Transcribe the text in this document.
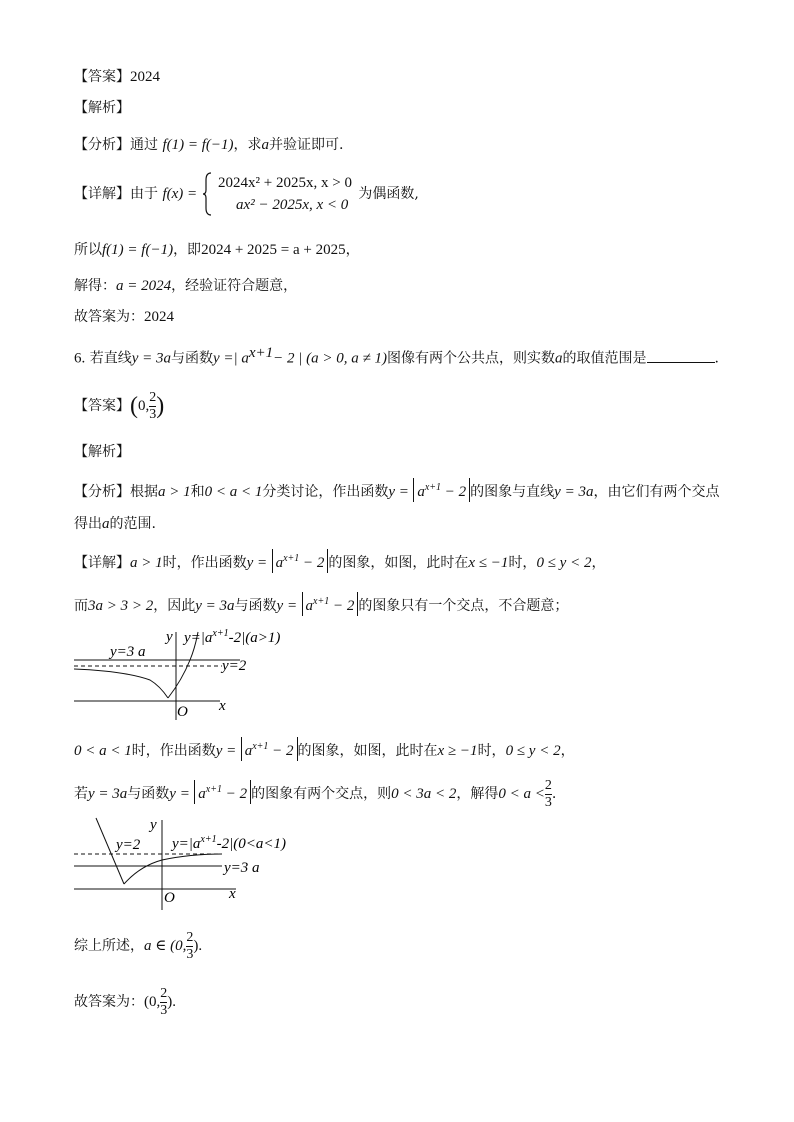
【答案】2024
【解析】
【分析】通过 f(1) = f(−1)，求a并验证即可.
【详解】由于 f(x) =
2024x² + 2025x, x > 0
ax² − 2025x, x < 0
为偶函数,
所以f(1) = f(−1)，即2024 + 2025 = a + 2025，
解得：a = 2024，经验证符合题意，
故答案为：2024
6. 若直线y = 3a与函数y =| $a^{x+1}- 2$ | (a > 0, a ≠ 1)图像有两个公共点，则实数a的取值范围是	.
【答案】(0, $\frac{2}{3}$ )
【解析】
【分析】根据a > 1和0 < a < 1分类讨论，作出函数$y = a^{x+1} - 2$ 的图象与直线y = 3a，由它们有两个交点
得出a的范围.
【详解】a > 1时，作出函数$y = a^{x+1} - 2$ 的图象，如图，此时在x ≤ −1时，0 ≤ y < 2，
而3a > 3 > 2，因此y = 3a与函数$y = a^{x+1} - 2$ 的图象只有一个交点，不合题意；
y
x
O
y=3 a
$y=|a^{x+1}-2|(a>1)$
y=2
0 < a < 1时，作出函数$y = a^{x+1} - 2$ 的图象，如图，此时在x ≥ −1时，0 ≤ y < 2，
若y = 3a与函数$y = a^{x+1} - 2$ 的图象有两个交点，则0 < 3a < 2，解得$0 < a < \frac{2}{3}$ .
y
x
O
y=2 $y=|a^{x+1}-2|(0<a<1)$
y=3 a
综上所述，a ∈ (0, $\frac{2}{3}$ ).
故答案为：(0, $\frac{2}{3}$ ).
